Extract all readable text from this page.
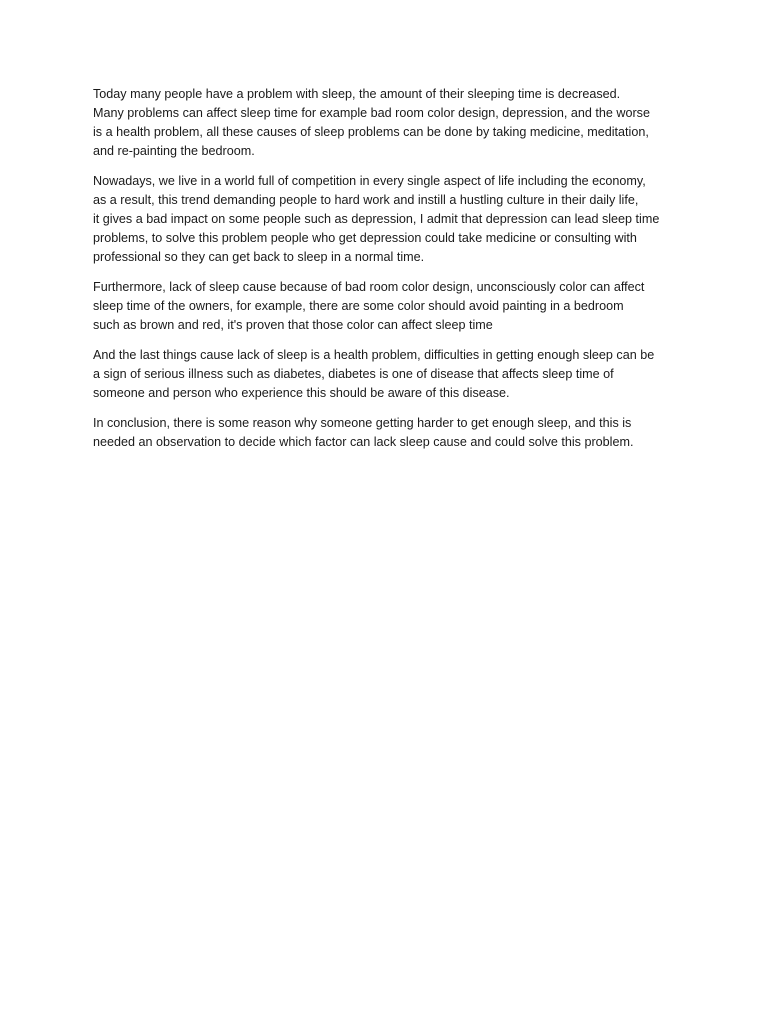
Today many people have a problem with sleep, the amount of their sleeping time is decreased.
Many problems can affect sleep time for example bad room color design, depression, and the worse
is a health problem, all these causes of sleep problems can be done by taking medicine, meditation,
and re-painting the bedroom.

Nowadays, we live in a world full of competition in every single aspect of life including the economy,
as a result, this trend demanding people to hard work and instill a hustling culture in their daily life,
it gives a bad impact on some people such as depression, I admit that depression can lead sleep time
problems, to solve this problem people who get depression could take medicine or consulting with
professional so they can get back to sleep in a normal time.

Furthermore, lack of sleep cause because of bad room color design, unconsciously color can affect
sleep time of the owners, for example, there are some color should avoid painting in a bedroom
such as brown and red, it's proven that those color can affect sleep time

And the last things cause lack of sleep is a health problem, difficulties in getting enough sleep can be
a sign of serious illness such as diabetes, diabetes is one of disease that affects sleep time of
someone and person who experience this should be aware of this disease.

In conclusion, there is some reason why someone getting harder to get enough sleep, and this is
needed an observation to decide which factor can lack sleep cause and could solve this problem.
